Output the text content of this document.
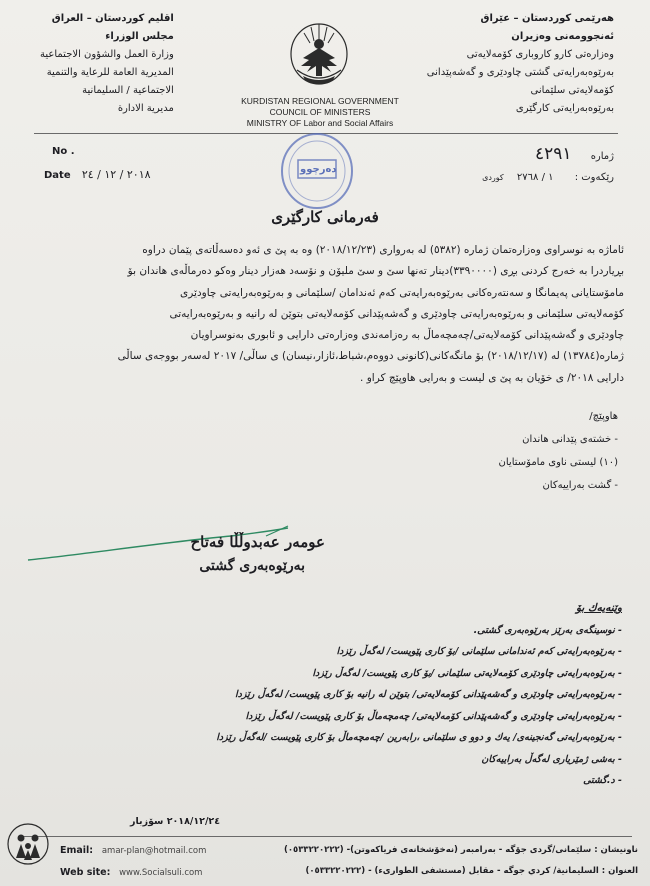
هەرێمی كوردستان – عێراق
ئەنجوومەنی وەزیران
وەزارەتی كارو كاروباری كۆمەلایەتی
بەرێوەبەرایەتی گشتی چاودێری و گەشەپێدانی
كۆمەلایەتی سلێمانی
بەرێوەبەرایەتی كارگێری
اقليم كوردستان – العراق
مجلس الوزراء
وزارة العمل والشؤون الاجتماعية
المديرية العامة للرعاية والتنمية
الاجتماعية / السليمانية
مديرية الادارة
KURDISTAN REGIONAL GOVERNMENT
COUNCIL OF MINISTERS
MINISTRY OF Labor and Social Affairs
No .
Date ٢٠١٨ / ١٢ / ٢٤
ژمارە ٤٢٩١
رێکەوت : ١ / ٢٧٦٨ كوردی
دەرچوو
فەرمانی كارگێری

ئاماژە بە نوسراوی وەزارەتمان ژمارە (٥٣٨٢) لە بەرواری (٢٠١٨/١٢/٢٣) وە بە پێ ی ئەو دەسەڵاتەی پێمان دراوە

بڕیاردرا بە خەرج كردنی بڕی (٣٣٩٠٠٠٠)دینار تەنها سێ و سێ ملیۆن و نۆسەد هەزار دینار وەكو دەرماڵەی هاندان بۆ

مامۆستایانی پەیمانگا و سەنتەرەكانی بەرێوەبەرایەتی كەم ئەندامان /سلێمانی و بەرێوەبەرایەتی چاودێری

كۆمەلایەتی سلێمانی و بەرێوەبەرایەتی چاودێری و گەشەپێدانی كۆمەلایەتی بتوێن لە رانیە و بەرێوەبەرایەتی

چاودێری و گەشەپێدانی كۆمەلایەتی/چەمچەماڵ بە رەزامەندی وەزارەتی دارایی و ئابوری بەنوسراویان

ژمارە(١٣٧٨٤) لە (٢٠١٨/١٢/١٧) بۆ مانگەكانی(كانونی دووەم،شباط،ئازار،نیسان) ی ساڵی/ ٢٠١٧ لەسەر بووجەی ساڵی

دارایی ٢٠١٨/ ی خۆیان بە پێ ی لیست و بەرایی هاوپێچ كراو .

هاوپێچ/
- خشتەی پێدانی هاندان
(١٠) لیستی ناوی مامۆستایان
- گشت بەراییەكان
عومەر عەبدوڵڵا فەتاح
بەرێوەبەری گشتی
وێنەیەك بۆ
- نوسینگەی بەرێز بەرێوەبەری گشتی.
- بەرێوەبەرایەتی كەم ئەندامانی سلێمانی /بۆ كاری پێویست/ لەگەڵ رێزدا
- بەرێوەبەرایەتی چاودێری كۆمەلایەتی سلێمانی /بۆ كاری پێویست/ لەگەڵ رێزدا
- بەرێوەبەرایەتی چاودێری و گەشەپێدانی كۆمەلایەتی/ بتوێن لە رانیە بۆ كاری پێویست/ لەگەڵ رێزدا
- بەرێوەبەرایەتی چاودێری و گەشەپێدانی كۆمەلایەتی/ چەمچەماڵ بۆ كاری پێویست/ لەگەڵ رێزدا
- بەرێوەبەرایەتی گەنجینەی/ یەك و دوو ی سلێمانی ،رابەرین /چەمچەماڵ بۆ كاری پێویست /لەگەڵ رێزدا
- بەشی ژمێریاری لەگەڵ بەراییەكان
- د.گشتی
٢٠١٨/١٢/٢٤ سۆزبار
Email: amar-plan@hotmail.com
Web site: www.Socialsuli.com
ناونیشان : سلێمانی/گردی جۆگە - بەرامبەر (نەخۆشخانەی فریاكەوتن)- (٠٥٣٣٢٢٠٢٢٢)
العنوان : السليمانية/ كردي جوگه - مقابل (مستشفى الطوارىء) - (٠٥٣٣٢٢٠٢٢٢)
